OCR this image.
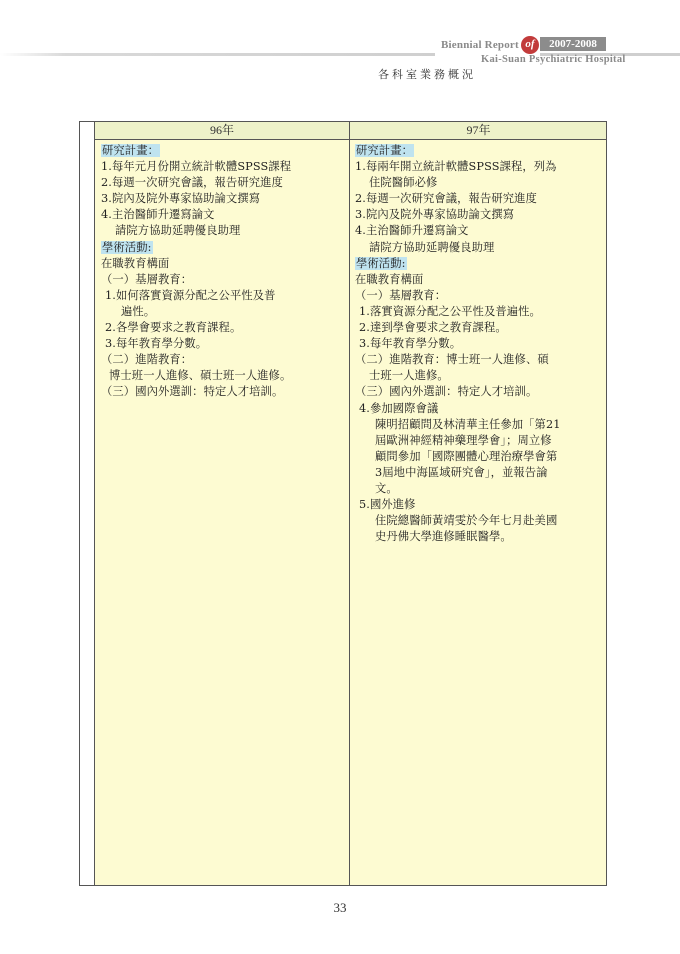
Biennial Report of	2007-2008
Kai-Suan Psychiatric Hospital
各科室業務概況
96年	97年
研究計畫：
1.每年元月份開立統計軟體SPSS課程
2.每週一次研究會議，報告研究進度
3.院內及院外專家協助論文撰寫
4.主治醫師升遷寫論文
請院方協助延聘優良助理
學術活動:
在職教育構面
（一）基層教育：
1.如何落實資源分配之公平性及普
遍性。
2.各學會要求之教育課程。
3.每年教育學分數。
（二）進階教育：
博士班一人進修、碩士班一人進修。
（三）國內外選訓：特定人才培訓。
研究計畫：
1.每兩年開立統計軟體SPSS課程，列為
住院醫師必修
2.每週一次研究會議，報告研究進度
3.院內及院外專家協助論文撰寫
4.主治醫師升遷寫論文
請院方協助延聘優良助理
學術活動:
在職教育構面
（一）基層教育：
1.落實資源分配之公平性及普遍性。
2.達到學會要求之教育課程。
3.每年教育學分數。
（二）進階教育：博士班一人進修、碩
士班一人進修。
（三）國內外選訓：特定人才培訓。
4.參加國際會議
陳明招顧問及林清華主任參加「第21
屆歐洲神經精神藥理學會」；周立修
顧問參加「國際團體心理治療學會第
3屆地中海區域研究會」，並報告論
文。
5.國外進修
住院總醫師黃靖雯於今年七月赴美國
史丹佛大學進修睡眠醫學。
33
